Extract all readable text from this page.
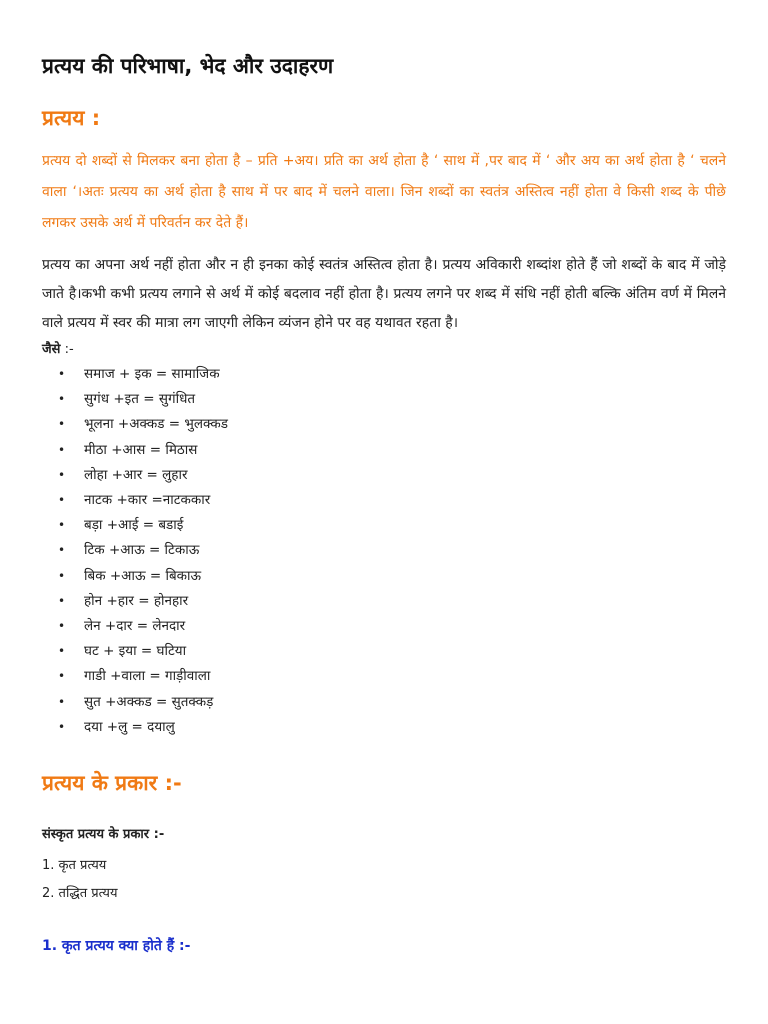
प्रत्यय की परिभाषा, भेद और उदाहरण
प्रत्यय :

प्रत्यय दो शब्दों से मिलकर बना होता है – प्रति +अय। प्रति का अर्थ होता है ‘ साथ में ,पर बाद में ‘ और अय का अर्थ होता है ‘ चलने वाला ‘।अतः प्रत्यय का अर्थ होता है साथ में पर बाद में चलने वाला। जिन शब्दों का स्वतंत्र अस्तित्व नहीं होता वे किसी शब्द के पीछे लगकर उसके अर्थ में परिवर्तन कर देते हैं।

प्रत्यय का अपना अर्थ नहीं होता और न ही इनका कोई स्वतंत्र अस्तित्व होता है। प्रत्यय अविकारी शब्दांश होते हैं जो शब्दों के बाद में जोड़े जाते है।कभी कभी प्रत्यय लगाने से अर्थ में कोई बदलाव नहीं होता है। प्रत्यय लगने पर शब्द में संधि नहीं होती बल्कि अंतिम वर्ण में मिलने वाले प्रत्यय में स्वर की मात्रा लग जाएगी लेकिन व्यंजन होने पर वह यथावत रहता है।

जैसे :-

• समाज + इक = सामाजिक
• सुगंध +इत = सुगंधित
• भूलना +अक्कड = भुलक्कड
• मीठा +आस = मिठास
• लोहा +आर = लुहार
• नाटक +कार =नाटककार
• बड़ा +आई = बडाई
• टिक +आऊ = टिकाऊ
• बिक +आऊ = बिकाऊ
• होन +हार = होनहार
• लेन +दार = लेनदार
• घट + इया = घटिया
• गाडी +वाला = गाड़ीवाला
• सुत +अक्कड = सुतक्कड़
• दया +लु = दयालु
प्रत्यय के प्रकार :-

संस्कृत प्रत्यय के प्रकार :-

1. कृत प्रत्यय

2. तद्धित प्रत्यय

1. कृत प्रत्यय क्या होते हैं :-
